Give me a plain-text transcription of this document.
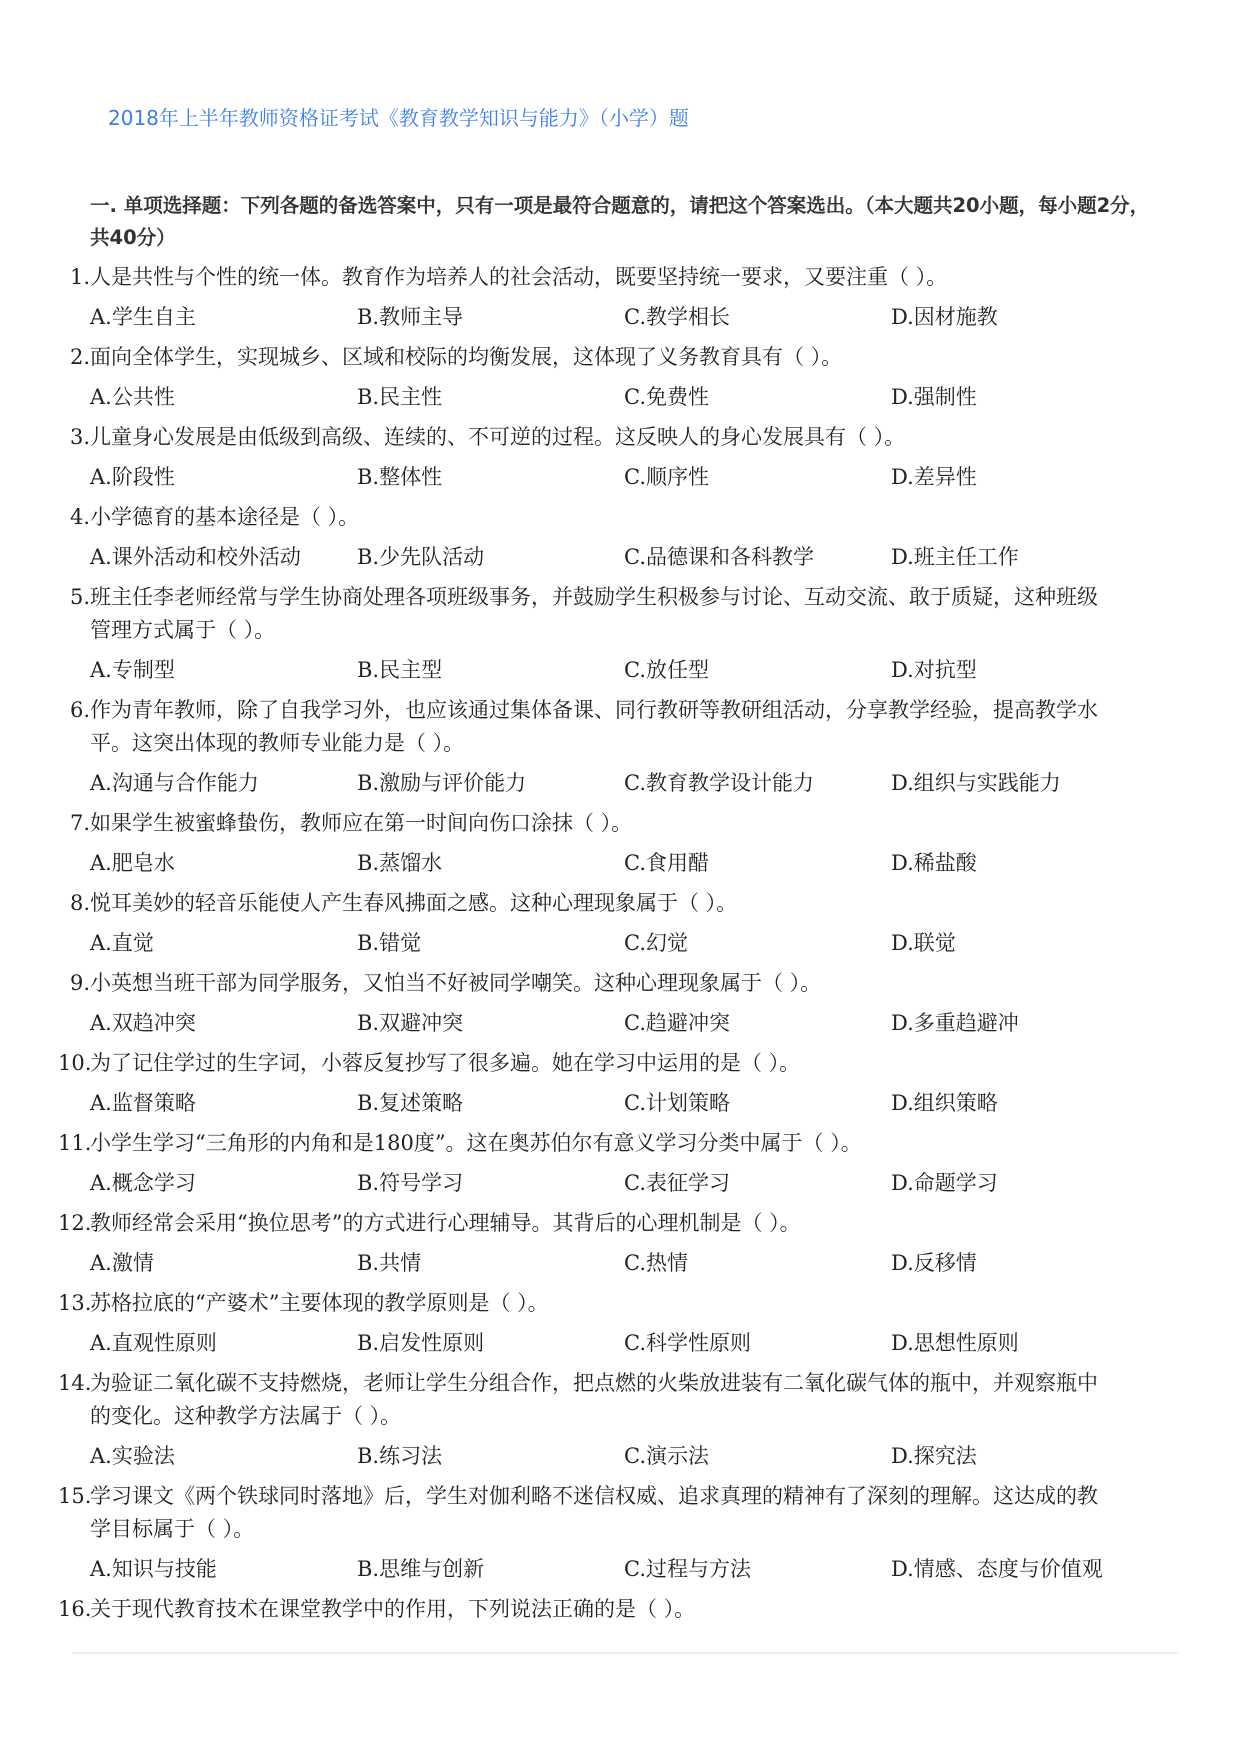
2018年上半年教师资格证考试《教育教学知识与能力》（小学）题
一. 单项选择题：下列各题的备选答案中，只有一项是最符合题意的，请把这个答案选出。（本大题共20小题，每小题2分，共40分）
1. 人是共性与个性的统一体。教育作为培养人的社会活动，既要坚持统一要求，又要注重（ ）。
A.学生自主	B.教师主导	C.教学相长	D.因材施教
2. 面向全体学生，实现城乡、区域和校际的均衡发展，这体现了义务教育具有（ ）。
A.公共性	B.民主性	C.免费性	D.强制性
3. 儿童身心发展是由低级到高级、连续的、不可逆的过程。这反映人的身心发展具有（ ）。
A.阶段性	B.整体性	C.顺序性	D.差异性
4. 小学德育的基本途径是（ ）。
A.课外活动和校外活动	B.少先队活动	C.品德课和各科教学	D.班主任工作
5. 班主任李老师经常与学生协商处理各项班级事务，并鼓励学生积极参与讨论、互动交流、敢于质疑，这种班级
管理方式属于（ ）。
A.专制型	B.民主型	C.放任型	D.对抗型
6. 作为青年教师，除了自我学习外，也应该通过集体备课、同行教研等教研组活动，分享教学经验，提高教学水
平。这突出体现的教师专业能力是（ ）。
A.沟通与合作能力	B.激励与评价能力	C.教育教学设计能力	D.组织与实践能力
7. 如果学生被蜜蜂蛰伤，教师应在第一时间向伤口涂抹（ ）。
A.肥皂水	B.蒸馏水	C.食用醋	D.稀盐酸
8. 悦耳美妙的轻音乐能使人产生春风拂面之感。这种心理现象属于（ ）。
A.直觉	B.错觉	C.幻觉	D.联觉
9. 小英想当班干部为同学服务，又怕当不好被同学嘲笑。这种心理现象属于（ ）。
A.双趋冲突	B.双避冲突	C.趋避冲突	D.多重趋避冲
10.
为了记住学过的生字词，小蓉反复抄写了很多遍。她在学习中运用的是（ ）。
A.监督策略	B.复述策略	C.计划策略	D.组织策略
11.
小学生学习“三角形的内角和是180度”。这在奥苏伯尔有意义学习分类中属于（ ）。
A.概念学习	B.符号学习	C.表征学习	D.命题学习
12.
教师经常会采用“换位思考”的方式进行心理辅导。其背后的心理机制是（ ）。
A.激情	B.共情	C.热情	D.反移情
13.
苏格拉底的“产婆术”主要体现的教学原则是（ ）。
A.直观性原则	B.启发性原则	C.科学性原则	D.思想性原则
14.
为验证二氧化碳不支持燃烧，老师让学生分组合作，把点燃的火柴放进装有二氧化碳气体的瓶中，并观察瓶中
的变化。这种教学方法属于（ ）。
A.实验法	B.练习法	C.演示法	D.探究法
15.
学习课文《两个铁球同时落地》后，学生对伽利略不迷信权威、追求真理的精神有了深刻的理解。这达成的教
学目标属于（ ）。
A.知识与技能	B.思维与创新	C.过程与方法	D.情感、态度与价值观
16.
关于现代教育技术在课堂教学中的作用，下列说法正确的是（ ）。
